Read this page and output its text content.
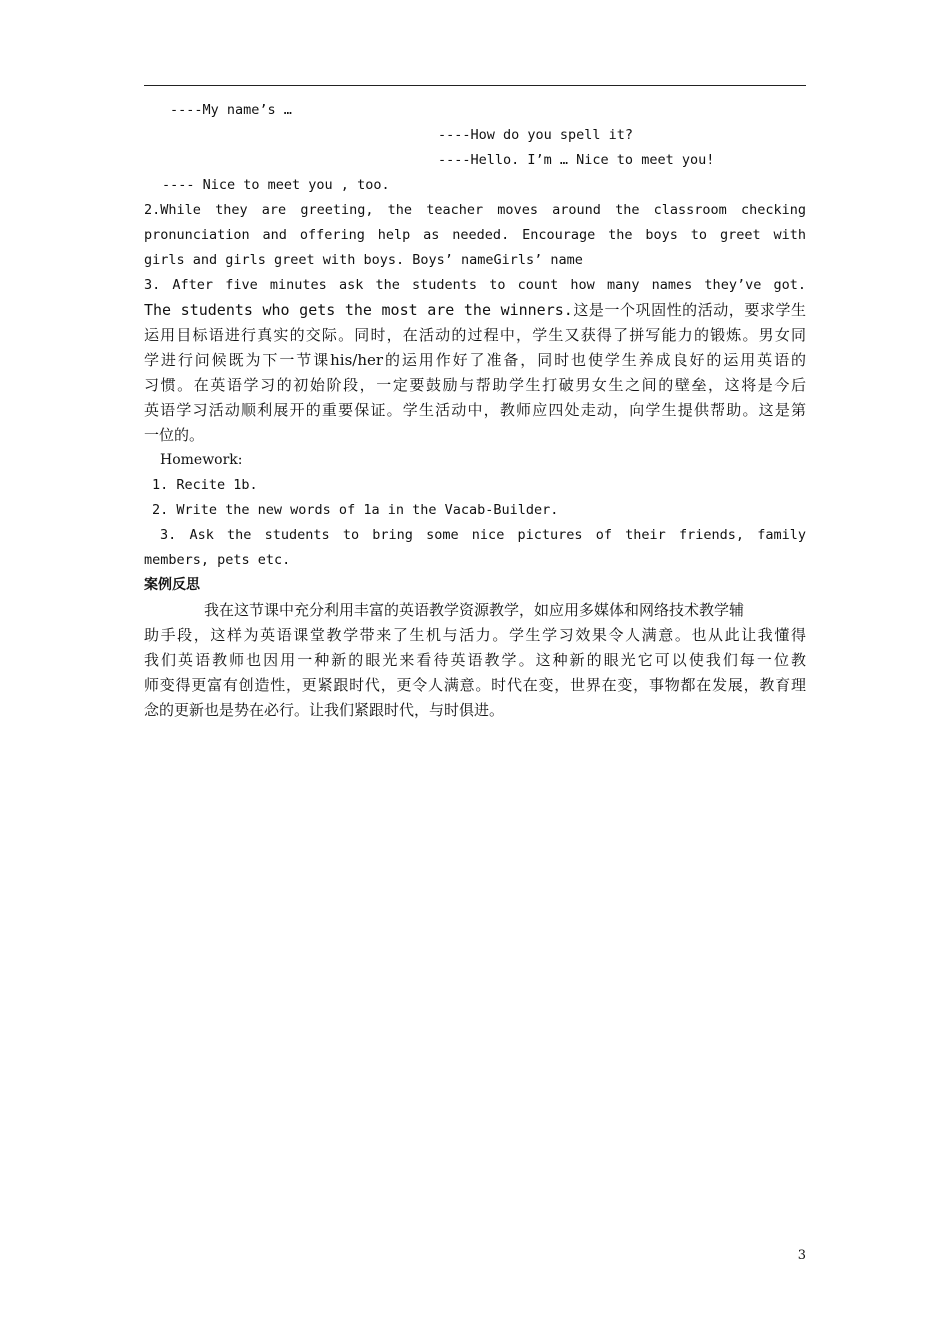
----My name’s …
----How do you spell it?
----Hello. I’m … Nice to meet you!
---- Nice to meet you , too.
2.While they are greeting, the teacher moves around the classroom checking
pronunciation and offering help as needed. Encourage the boys to greet with
girls and girls greet with boys. Boys’ nameGirls’ name
3. After five minutes ask the students to count how many names they’ve got.
The students who gets the most are the winners.这是一个巩固性的活动，要求学生
运用目标语进行真实的交际。同时，在活动的过程中，学生又获得了拼写能力的锻炼。男女同
学进行问候既为下一节课his/her的运用作好了准备，同时也使学生养成良好的运用英语的
习惯。在英语学习的初始阶段，一定要鼓励与帮助学生打破男女生之间的壁垒，这将是今后
英语学习活动顺利展开的重要保证。学生活动中，教师应四处走动，向学生提供帮助。这是第
一位的。
Homework:
1. Recite 1b.
2. Write the new words of 1a in the Vacab-Builder.
3. Ask the students to bring some nice pictures of their friends, family
members, pets etc.
案例反思
我在这节课中充分利用丰富的英语教学资源教学，如应用多媒体和网络技术教学辅
助手段，这样为英语课堂教学带来了生机与活力。学生学习效果令人满意。也从此让我懂得
我们英语教师也因用一种新的眼光来看待英语教学。这种新的眼光它可以使我们每一位教
师变得更富有创造性，更紧跟时代，更令人满意。时代在变，世界在变，事物都在发展，教育理
念的更新也是势在必行。让我们紧跟时代，与时俱进。
3
